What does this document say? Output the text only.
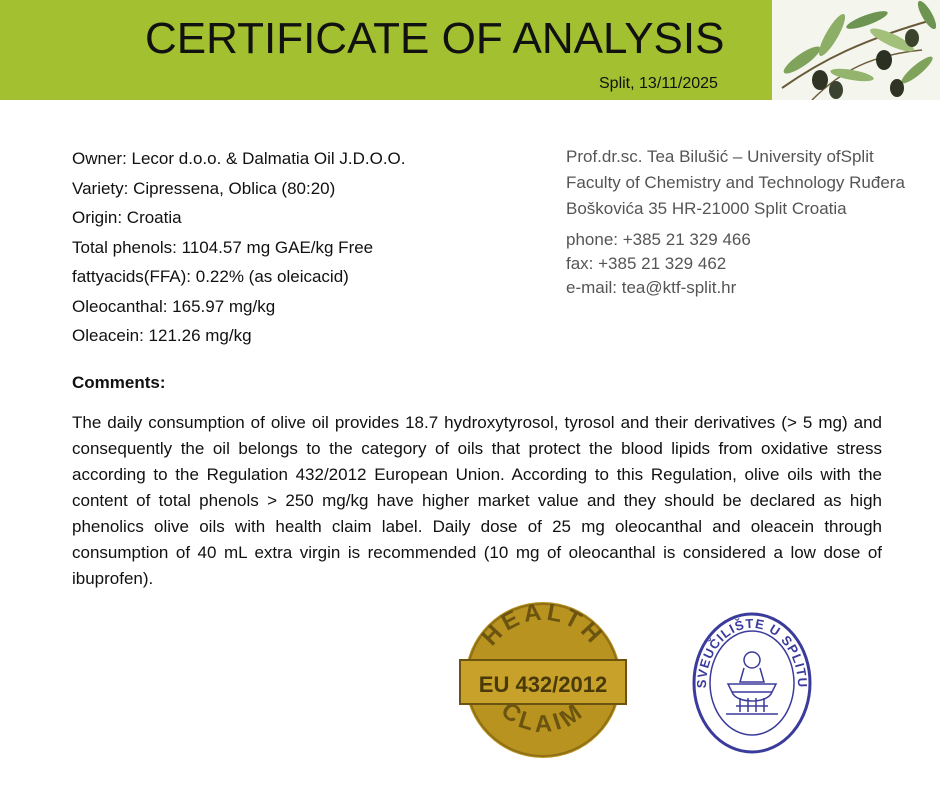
CERTIFICATE OF ANALYSIS
Split, 13/11/2025
Owner: Lecor d.o.o. & Dalmatia Oil J.D.O.O.
Variety: Cipressena, Oblica (80:20)
Origin: Croatia
Total phenols: 1104.57 mg GAE/kg Free
fattyacids(FFA): 0.22% (as oleicacid)
Oleocanthal: 165.97 mg/kg
Oleacein: 121.26 mg/kg
Prof.dr.sc. Tea Bilušić – University ofSplit Faculty of Chemistry and Technology Ruđera Boškovića 35 HR-21000 Split Croatia
phone: +385 21 329 466
fax: +385 21 329 462
e-mail: tea@ktf-split.hr
Comments:
The daily consumption of olive oil provides 18.7 hydroxytyrosol, tyrosol and their derivatives (> 5 mg) and consequently the oil belongs to the category of oils that protect the blood lipids from oxidative stress according to the Regulation 432/2012 European Union. According to this Regulation, olive oils with the content of total phenols > 250 mg/kg have higher market value and they should be declared as high phenolics olive oils with health claim label. Daily dose of 25 mg oleocanthal and oleacein through consumption of 40 mL extra virgin is recommended (10 mg of oleocanthal is considered a low dose of ibuprofen).
HEALTH
EU 432/2012
CLAIM
SVEUČILIŠTE U SPLITU
